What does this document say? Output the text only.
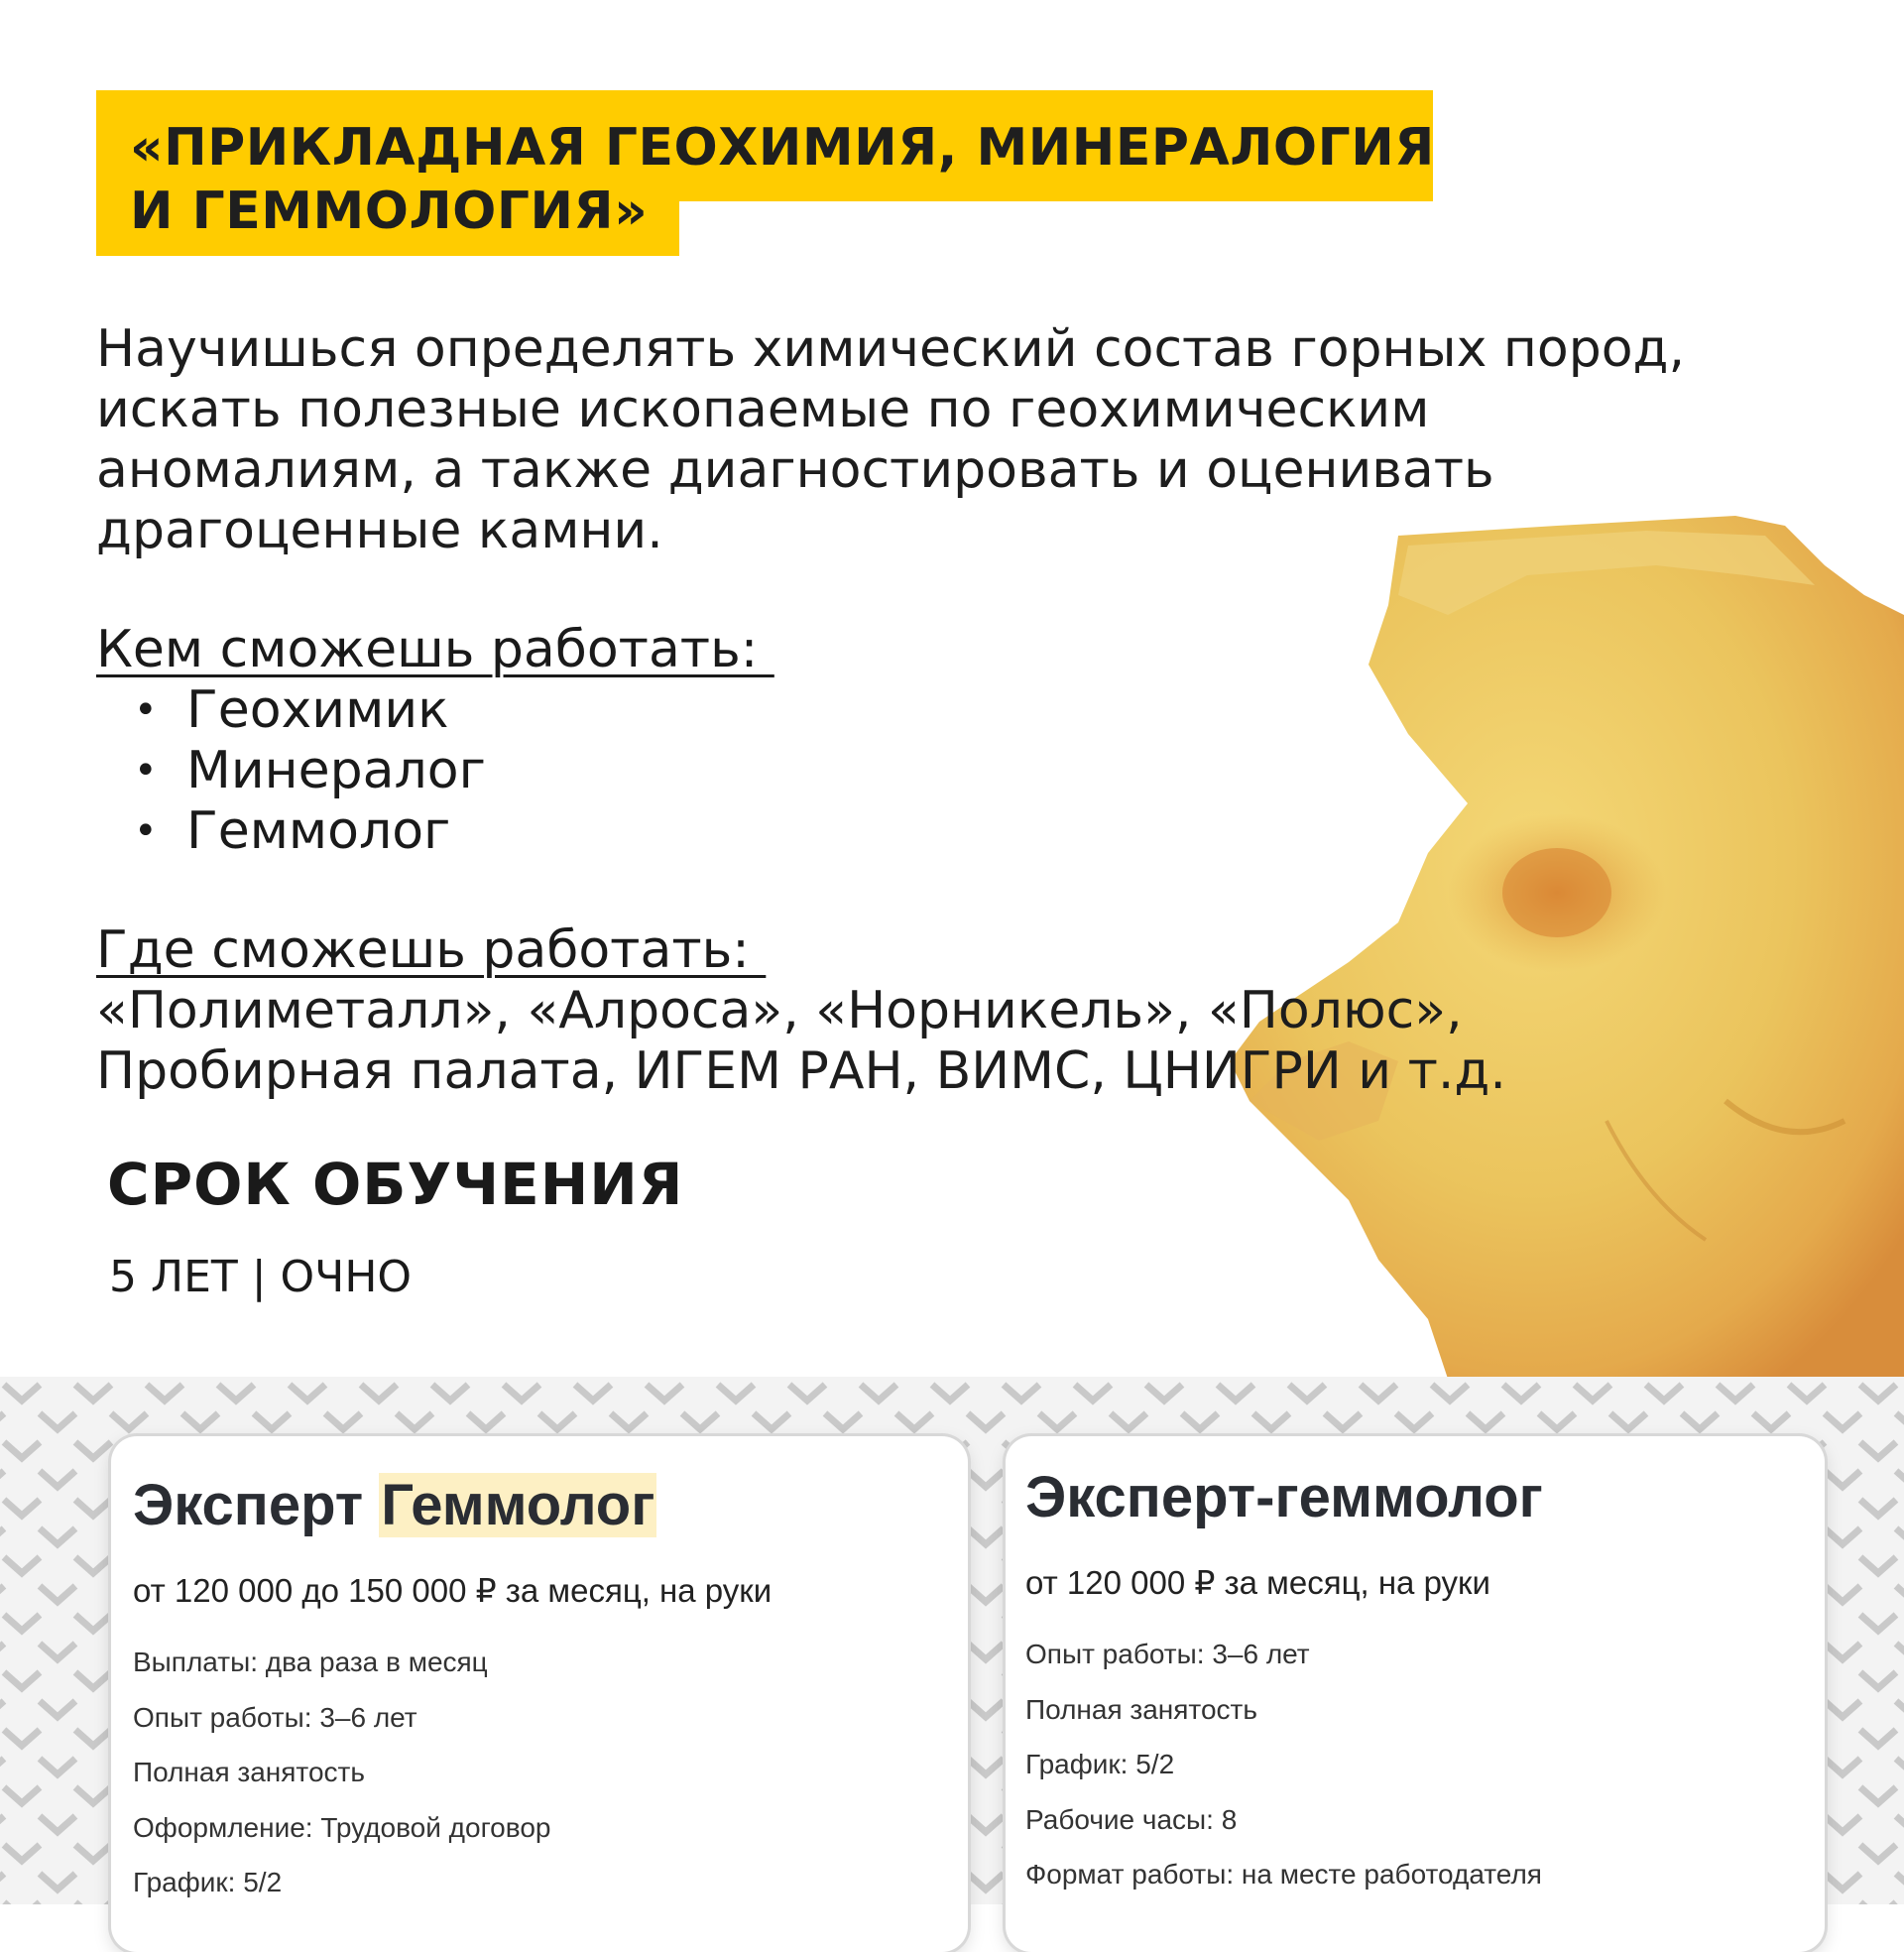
«ПРИКЛАДНАЯ ГЕОХИМИЯ, МИНЕРАЛОГИЯ
И ГЕММОЛОГИЯ»
Научишься определять химический состав горных пород,
искать полезные ископаемые по геохимическим
аномалиям, а также диагностировать и оценивать
драгоценные камни.
Кем сможешь работать:
• Геохимик
• Минералог
• Геммолог
Где сможешь работать:
«Полиметалл», «Алроса», «Норникель», «Полюс»,
Пробирная палата, ИГЕМ РАН, ВИМС, ЦНИГРИ и т.д.
СРОК ОБУЧЕНИЯ
5 ЛЕТ | ОЧНО
Эксперт Геммолог
от 120 000 до 150 000 ₽ за месяц, на руки
Выплаты: два раза в месяц
Опыт работы: 3–6 лет
Полная занятость
Оформление: Трудовой договор
График: 5/2
Эксперт-геммолог
от 120 000 ₽ за месяц, на руки
Опыт работы: 3–6 лет
Полная занятость
График: 5/2
Рабочие часы: 8
Формат работы: на месте работодателя
